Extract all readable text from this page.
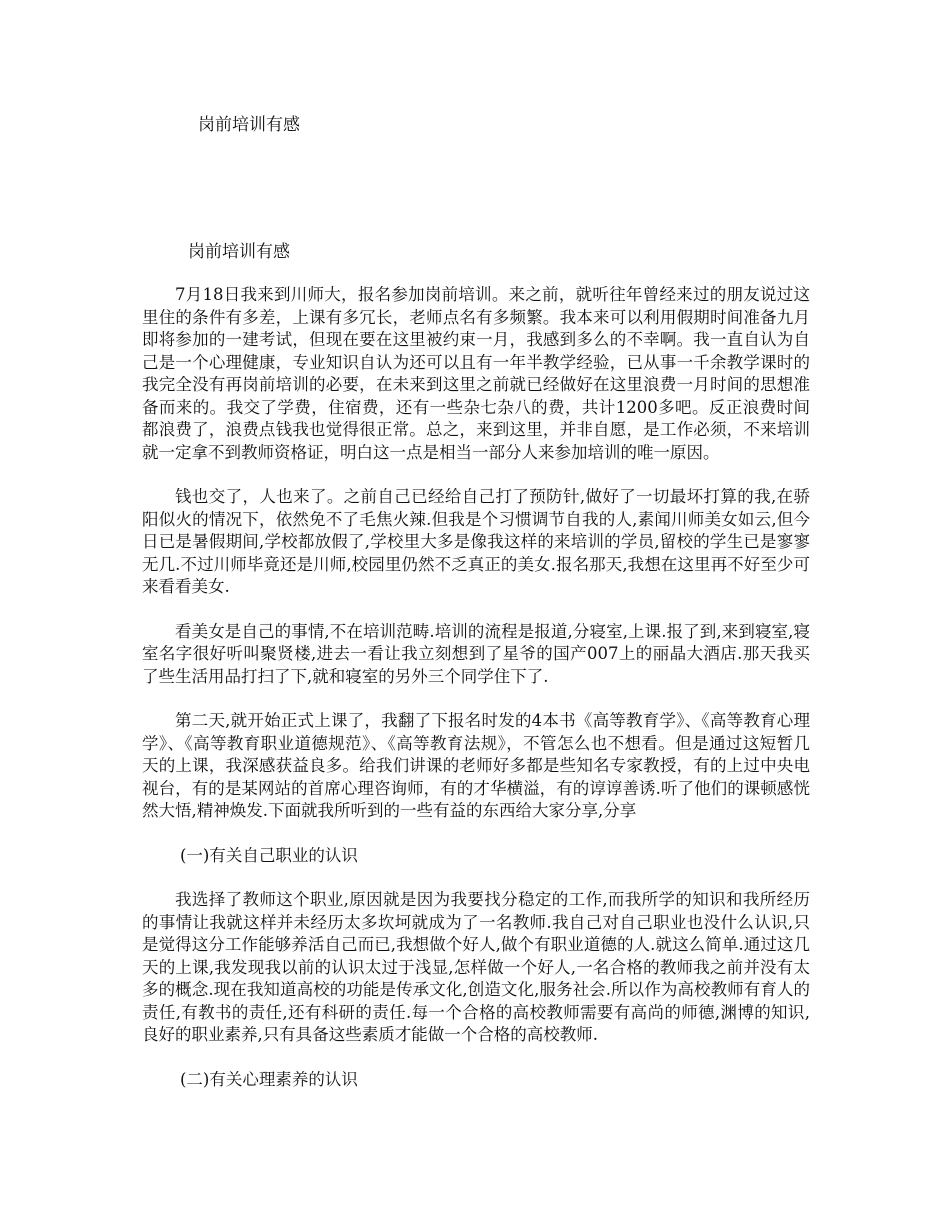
岗前培训有感
岗前培训有感

7月18日我来到川师大，报名参加岗前培训。来之前，就听往年曾经来过的朋友说过这里住的条件有多差，上课有多冗长，老师点名有多频繁。我本来可以利用假期时间准备九月即将参加的一建考试，但现在要在这里被约束一月，我感到多么的不幸啊。我一直自认为自己是一个心理健康，专业知识自认为还可以且有一年半教学经验，已从事一千余教学课时的我完全没有再岗前培训的必要，在未来到这里之前就已经做好在这里浪费一月时间的思想准备而来的。我交了学费，住宿费，还有一些杂七杂八的费，共计1200多吧。反正浪费时间都浪费了，浪费点钱我也觉得很正常。总之，来到这里，并非自愿，是工作必须，不来培训就一定拿不到教师资格证，明白这一点是相当一部分人来参加培训的唯一原因。

钱也交了，人也来了。之前自己已经给自己打了预防针,做好了一切最坏打算的我,在骄阳似火的情况下，依然免不了毛焦火辣.但我是个习惯调节自我的人,素闻川师美女如云,但今日已是暑假期间,学校都放假了,学校里大多是像我这样的来培训的学员,留校的学生已是寥寥无几.不过川师毕竟还是川师,校园里仍然不乏真正的美女.报名那天,我想在这里再不好至少可来看看美女.

看美女是自己的事情,不在培训范畴.培训的流程是报道,分寝室,上课.报了到,来到寝室,寝室名字很好听叫聚贤楼,进去一看让我立刻想到了星爷的国产007上的丽晶大酒店.那天我买了些生活用品打扫了下,就和寝室的另外三个同学住下了.

第二天,就开始正式上课了，我翻了下报名时发的4本书《高等教育学》、《高等教育心理学》、《高等教育职业道德规范》、《高等教育法规》，不管怎么也不想看。但是通过这短暂几天的上课，我深感获益良多。给我们讲课的老师好多都是些知名专家教授，有的上过中央电视台，有的是某网站的首席心理咨询师，有的才华横溢，有的谆谆善诱.听了他们的课顿感恍然大悟,精神焕发.下面就我所听到的一些有益的东西给大家分享,分享

(一)有关自己职业的认识

我选择了教师这个职业,原因就是因为我要找分稳定的工作,而我所学的知识和我所经历的事情让我就这样并未经历太多坎坷就成为了一名教师.我自己对自己职业也没什么认识,只是觉得这分工作能够养活自己而已,我想做个好人,做个有职业道德的人.就这么简单.通过这几天的上课,我发现我以前的认识太过于浅显,怎样做一个好人,一名合格的教师我之前并没有太多的概念.现在我知道高校的功能是传承文化,创造文化,服务社会.所以作为高校教师有育人的责任,有教书的责任,还有科研的责任.每一个合格的高校教师需要有高尚的师德,渊博的知识,良好的职业素养,只有具备这些素质才能做一个合格的高校教师.

(二)有关心理素养的认识
